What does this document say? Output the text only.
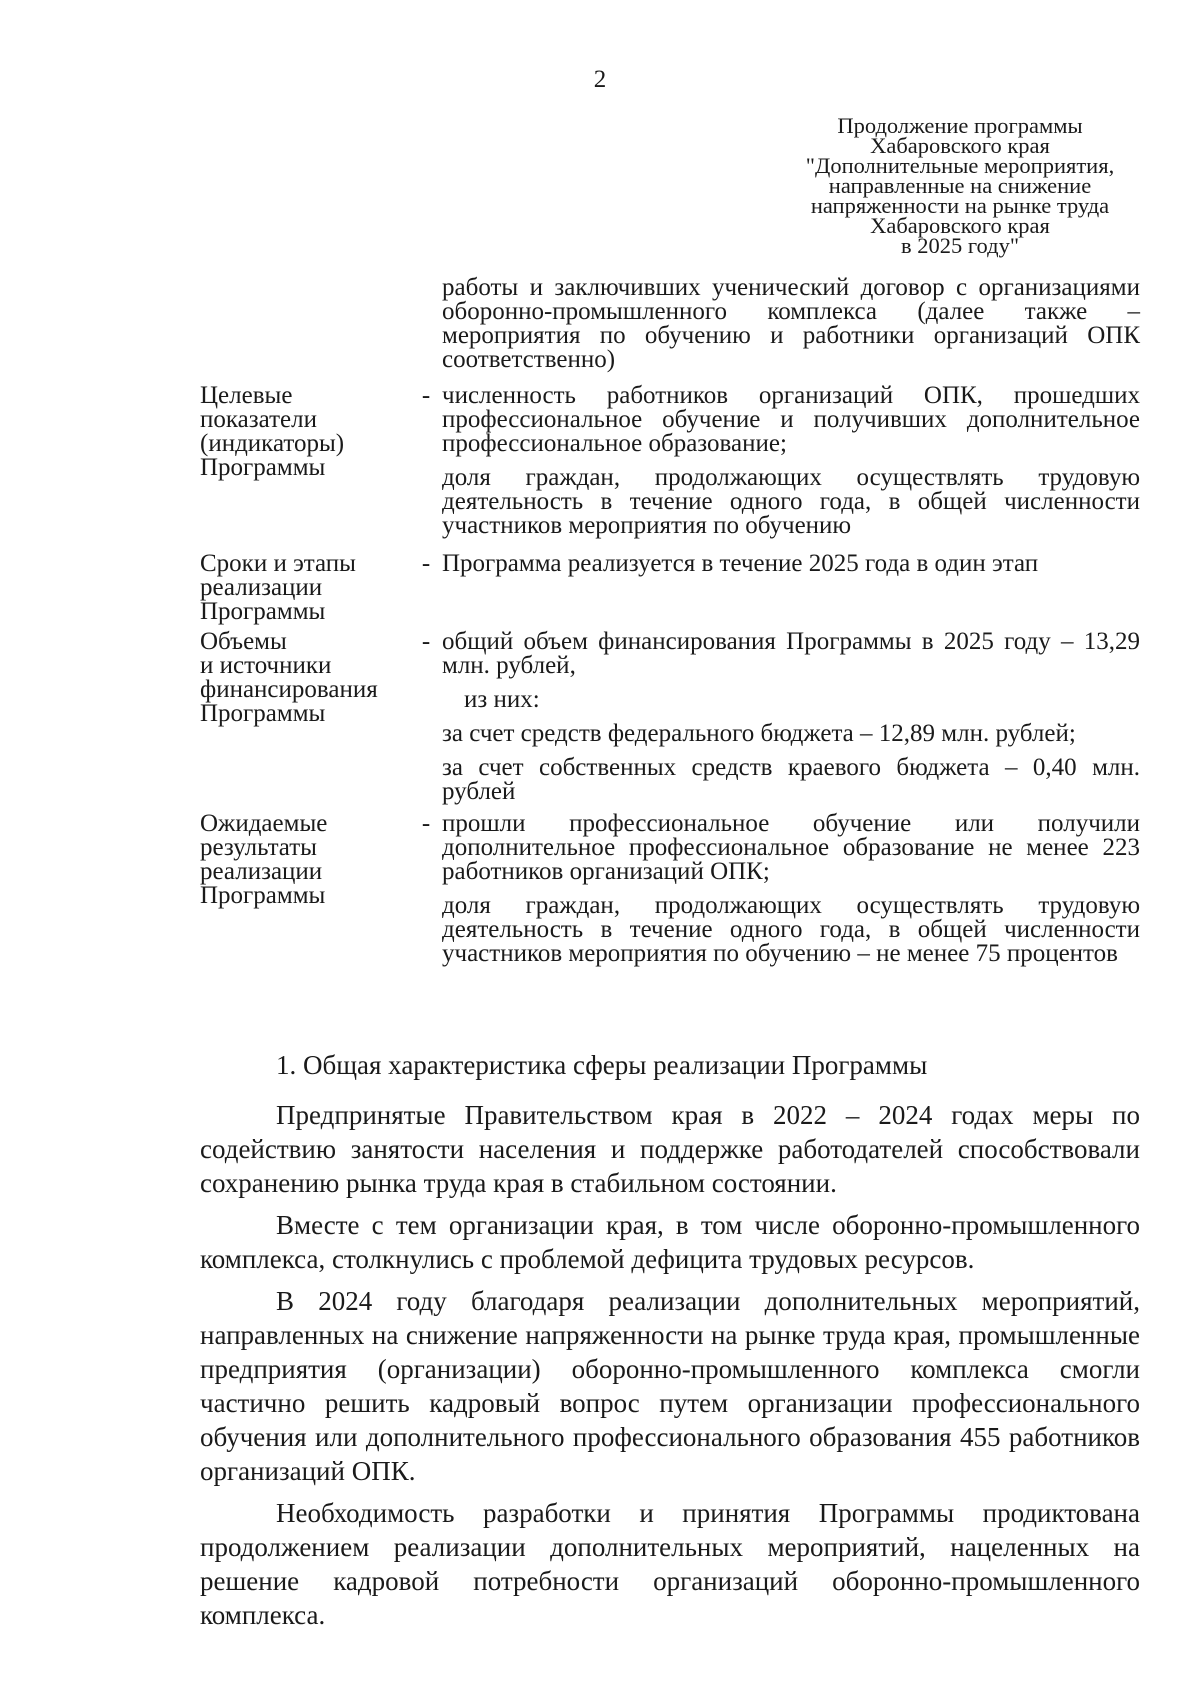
2
Продолжение программы
Хабаровского края
"Дополнительные мероприятия,
направленные на снижение
напряженности на рынке труда
Хабаровского края
в 2025 году"
работы и заключивших ученический договор с организациями оборонно-промышленного комплекса (далее также – мероприятия по обучению и работники организаций ОПК соответственно)
Целевые
показатели
(индикаторы)
Программы
- численность работников организаций ОПК, прошедших профессиональное обучение и получивших дополнительное профессиональное образование;
доля граждан, продолжающих осуществлять трудовую деятельность в течение одного года, в общей численности участников мероприятия по обучению
Сроки и этапы
реализации
Программы
- Программа реализуется в течение 2025 года в один этап
Объемы
и источники
финансирования
Программы
- общий объем финансирования Программы в 2025 году – 13,29 млн. рублей,
из них:
за счет средств федерального бюджета – 12,89 млн. рублей;
за счет собственных средств краевого бюджета – 0,40 млн. рублей
Ожидаемые
результаты
реализации
Программы
- прошли профессиональное обучение или получили дополнительное профессиональное образование не менее 223 работников организаций ОПК;
доля граждан, продолжающих осуществлять трудовую деятельность в течение одного года, в общей численности участников мероприятия по обучению – не менее 75 процентов
1. Общая характеристика сферы реализации Программы

Предпринятые Правительством края в 2022 – 2024 годах меры по содействию занятости населения и поддержке работодателей способствовали сохранению рынка труда края в стабильном состоянии.

Вместе с тем организации края, в том числе оборонно-промышленного комплекса, столкнулись с проблемой дефицита трудовых ресурсов.

В 2024 году благодаря реализации дополнительных мероприятий, направленных на снижение напряженности на рынке труда края, промышленные предприятия (организации) оборонно-промышленного комплекса смогли частично решить кадровый вопрос путем организации профессионального обучения или дополнительного профессионального образования 455 работников организаций ОПК.

Необходимость разработки и принятия Программы продиктована продолжением реализации дополнительных мероприятий, нацеленных на решение кадровой потребности организаций оборонно-промышленного комплекса.
